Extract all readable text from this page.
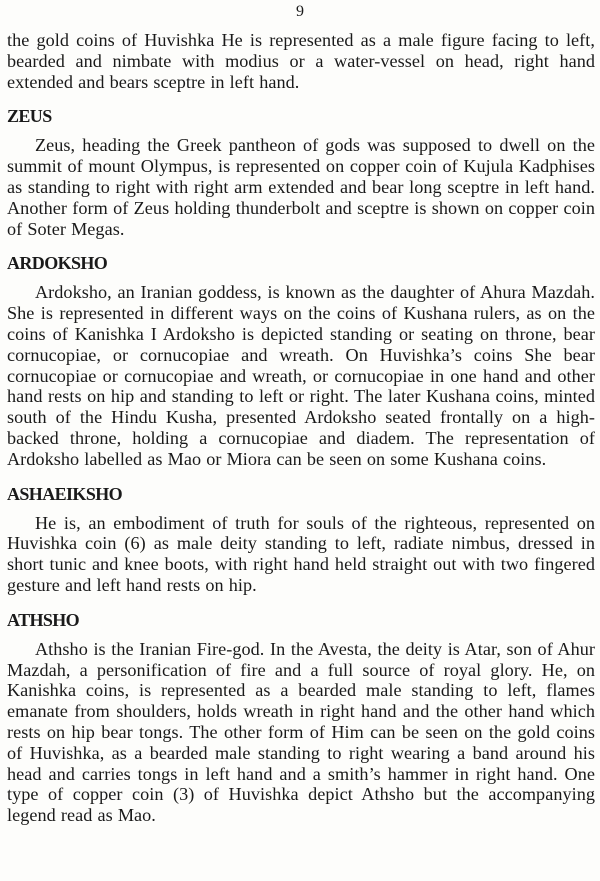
9

the gold coins of Huvishka He is represented as a male figure facing to left, bearded and nimbate with modius or a water-vessel on head, right hand extended and bears sceptre in left hand.

ZEUS

Zeus, heading the Greek pantheon of gods was supposed to dwell on the summit of mount Olympus, is represented on copper coin of Kujula Kadphises as standing to right with right arm extended and bear long sceptre in left hand. Another form of Zeus holding thunderbolt and sceptre is shown on copper coin of Soter Megas.

ARDOKSHO

Ardoksho, an Iranian goddess, is known as the daughter of Ahura Mazdah. She is represented in different ways on the coins of Kushana rulers, as on the coins of Kanishka I Ardoksho is depicted standing or seating on throne, bear cornucopiae, or cornucopiae and wreath. On Huvishka’s coins She bear cornucopiae or cornucopiae and wreath, or cornucopiae in one hand and other hand rests on hip and standing to left or right. The later Kushana coins, minted south of the Hindu Kusha, presented Ardoksho seated frontally on a high-backed throne, holding a cornucopiae and diadem. The representation of Ardoksho labelled as Mao or Miora can be seen on some Kushana coins.

ASHAEIKSHO

He is, an embodiment of truth for souls of the righteous, represented on Huvishka coin (6) as male deity standing to left, radiate nimbus, dressed in short tunic and knee boots, with right hand held straight out with two fingered gesture and left hand rests on hip.

ATHSHO

Athsho is the Iranian Fire-god. In the Avesta, the deity is Atar, son of Ahur Mazdah, a personification of fire and a full source of royal glory. He, on Kanishka coins, is represented as a bearded male standing to left, flames emanate from shoulders, holds wreath in right hand and the other hand which rests on hip bear tongs. The other form of Him can be seen on the gold coins of Huvishka, as a bearded male standing to right wearing a band around his head and carries tongs in left hand and a smith’s hammer in right hand. One type of copper coin (3) of Huvishka depict Athsho but the accompanying legend read as Mao.
